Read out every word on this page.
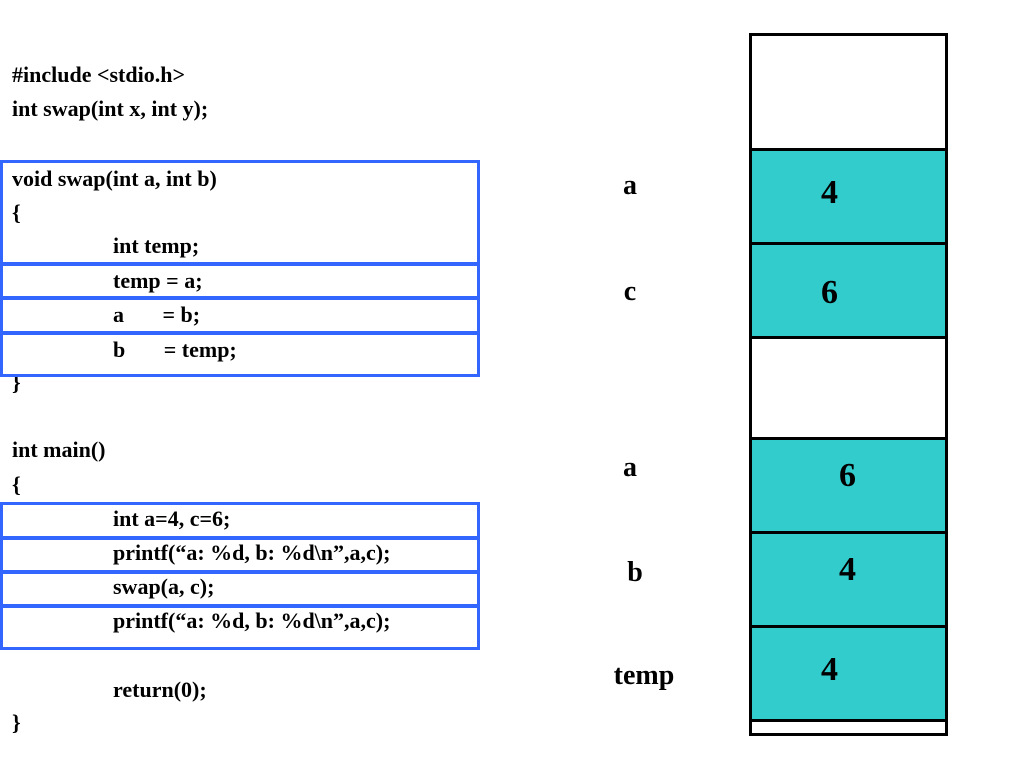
#include <stdio.h>
int swap(int x, int y);
void swap(int a, int b)
{
int temp;
temp = a;
a       = b;
b       = temp;
}
int main()
{
int a=4, c=6;
printf(“a: %d, b: %d\n”,a,c);
swap(a, c);
printf(“a: %d, b: %d\n”,a,c);
return(0);
}
a
c
a
b
temp
4
6
6
4
4
